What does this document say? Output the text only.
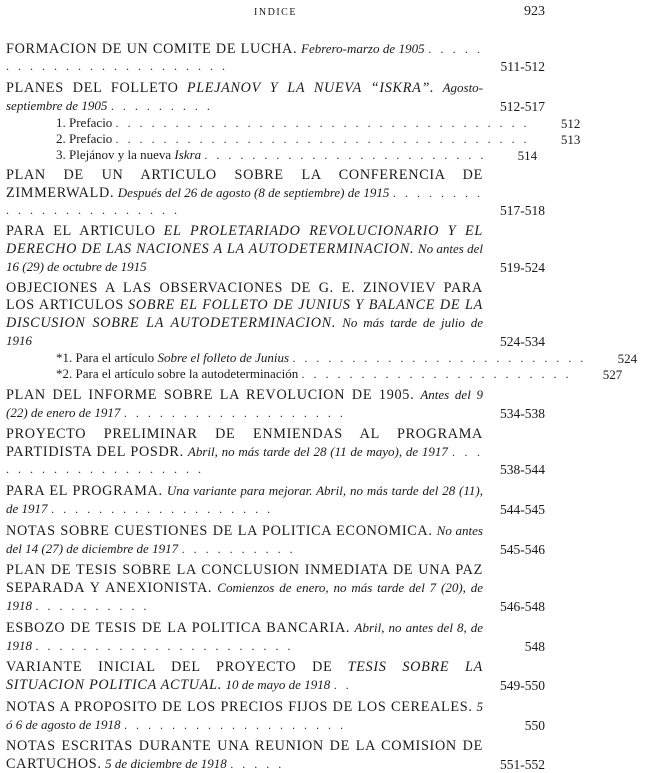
INDICE	923
FORMACION DE UN COMITE DE LUCHA. Febrero-marzo de 1905 . . . . . . . . . . . . . . . . . . . . . . . .	511-512
PLANES DEL FOLLETO PLEJANOV Y LA NUEVA “ISKRA”. Agosto-septiembre de 1905 . . . . . . . . .	512-517
1. Prefacio . . . . . . . . . . . . . . . . . . . . . . . . . . . . . . . . . . .	512
2. Prefacio . . . . . . . . . . . . . . . . . . . . . . . . . . . . . . . . . . .	513
3. Plejánov y la nueva Iskra . . . . . . . . . . . . . . . . . . . . . . . .	514
PLAN DE UN ARTICULO SOBRE LA CONFERENCIA DE ZIMMERWALD. Después del 26 de agosto (8 de septiembre) de 1915 . . . . . . . . . . . . . . . . . . . . . . .	517-518
PARA EL ARTICULO EL PROLETARIADO REVOLUCIONARIO Y EL DERECHO DE LAS NACIONES A LA AUTODETERMINACION. No antes del 16 (29) de octubre de 1915	519-524
OBJECIONES A LAS OBSERVACIONES DE G. E. ZINOVIEV PARA LOS ARTICULOS SOBRE EL FOLLETO DE JUNIUS Y BALANCE DE LA DISCUSION SOBRE LA AUTODETERMINACION. No más tarde de julio de 1916	524-534
*1. Para el artículo Sobre el folleto de Junius . . . . . . . . . . . . . . . . . . . . . . . . .	524
*2. Para el artículo sobre la autodeterminación . . . . . . . . . . . . . . . . . . . . . . .	527
PLAN DEL INFORME SOBRE LA REVOLUCION DE 1905. Antes del 9 (22) de enero de 1917 . . . . . . . . . . . . . . . . . . .	534-538
PROYECTO PRELIMINAR DE ENMIENDAS AL PROGRAMA PARTIDISTA DEL POSDR. Abril, no más tarde del 28 (11 de mayo), de 1917 . . . . . . . . . . . . . . . . . . . .	538-544
PARA EL PROGRAMA. Una variante para mejorar. Abril, no más tarde del 28 (11), de 1917 . . . . . . . . . . . . . . . . . . .	544-545
NOTAS SOBRE CUESTIONES DE LA POLITICA ECONOMICA. No antes del 14 (27) de diciembre de 1917 . . . . . . . . . .	545-546
PLAN DE TESIS SOBRE LA CONCLUSION INMEDIATA DE UNA PAZ SEPARADA Y ANEXIONISTA. Comienzos de enero, no más tarde del 7 (20), de 1918 . . . . . . . . . .	546-548
ESBOZO DE TESIS DE LA POLITICA BANCARIA. Abril, no antes del 8, de 1918 . . . . . . . . . . . . . . . . . . . . . .	548
VARIANTE INICIAL DEL PROYECTO DE TESIS SOBRE LA SITUACION POLITICA ACTUAL. 10 de mayo de 1918 . .	549-550
NOTAS A PROPOSITO DE LOS PRECIOS FIJOS DE LOS CEREALES. 5 ó 6 de agosto de 1918 . . . . . . . . . . . . . . . . . . .	550
NOTAS ESCRITAS DURANTE UNA REUNION DE LA COMISION DE CARTUCHOS. 5 de diciembre de 1918 . . . . .	551-552
